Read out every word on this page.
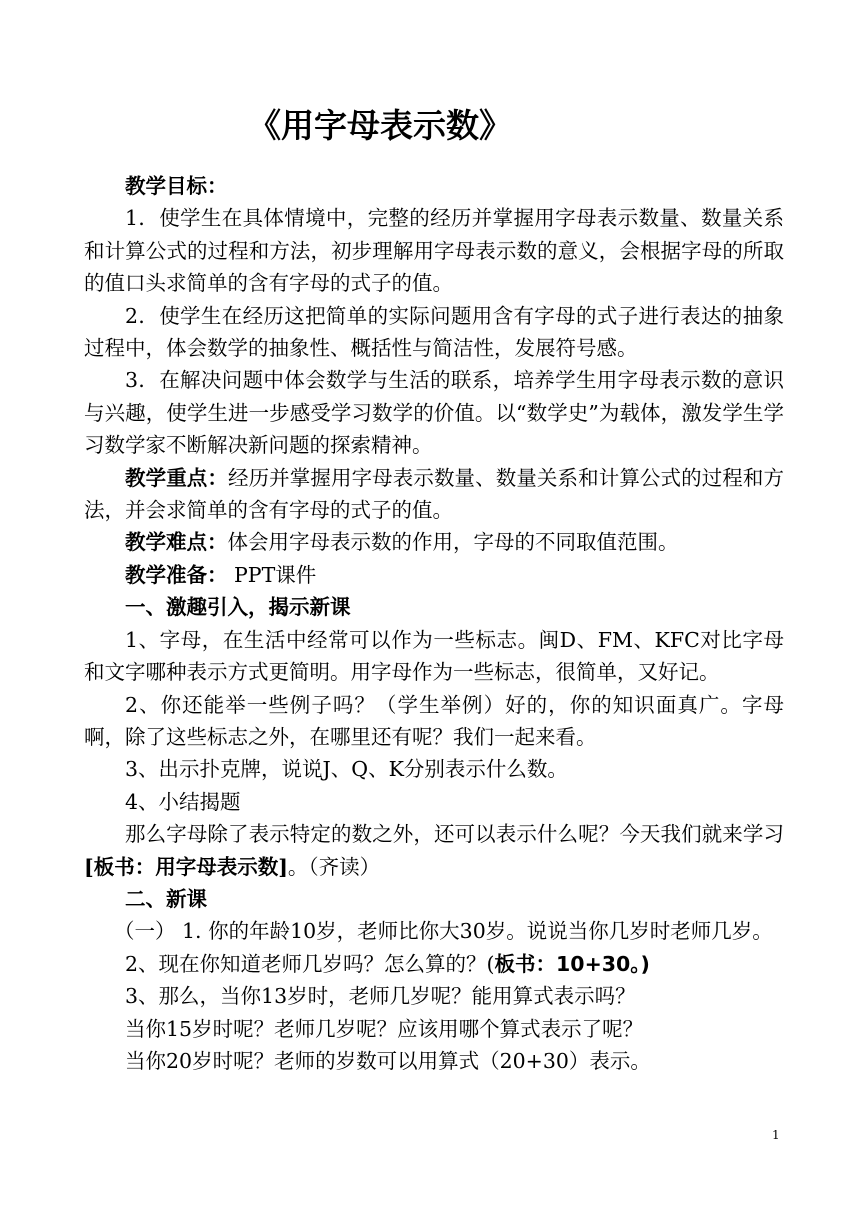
《用字母表示数》

教学目标：

1．使学生在具体情境中，完整的经历并掌握用字母表示数量、数量关系和计算公式的过程和方法，初步理解用字母表示数的意义，会根据字母的所取的值口头求简单的含有字母的式子的值。

2．使学生在经历这把简单的实际问题用含有字母的式子进行表达的抽象过程中，体会数学的抽象性、概括性与简洁性，发展符号感。

3．在解决问题中体会数学与生活的联系，培养学生用字母表示数的意识与兴趣，使学生进一步感受学习数学的价值。以“数学史”为载体，激发学生学习数学家不断解决新问题的探索精神。

教学重点：经历并掌握用字母表示数量、数量关系和计算公式的过程和方法，并会求简单的含有字母的式子的值。

教学难点：体会用字母表示数的作用，字母的不同取值范围。

教学准备： PPT课件

一、激趣引入，揭示新课

1、字母，在生活中经常可以作为一些标志。闽D、FM、KFC对比字母和文字哪种表示方式更简明。用字母作为一些标志，很简单，又好记。

2、你还能举一些例子吗？（学生举例）好的，你的知识面真广。字母啊，除了这些标志之外，在哪里还有呢？我们一起来看。

3、出示扑克牌，说说J、Q、K分别表示什么数。

4、小结揭题

那么字母除了表示特定的数之外，还可以表示什么呢？今天我们就来学习[板书：用字母表示数]。（齐读）

二、新课

（一） 1. 你的年龄10岁，老师比你大30岁。说说当你几岁时老师几岁。

2、现在你知道老师几岁吗？怎么算的？(板书：10+30。)

3、那么，当你13岁时，老师几岁呢？能用算式表示吗？

当你15岁时呢？老师几岁呢？应该用哪个算式表示了呢？

当你20岁时呢？老师的岁数可以用算式（20+30）表示。

1
